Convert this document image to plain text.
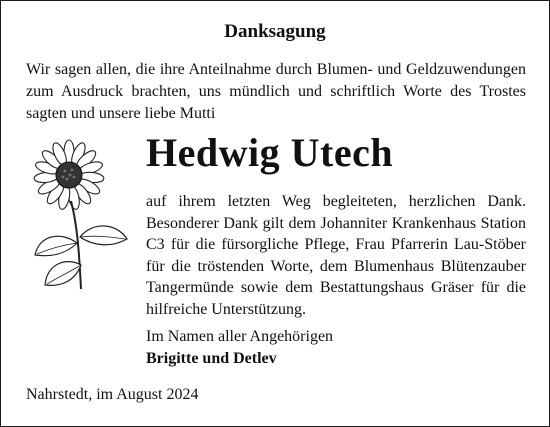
Danksagung
Wir sagen allen, die ihre Anteilnahme durch Blumen- und Geldzuwendungen zum Ausdruck brachten, uns mündlich und schriftlich Worte des Trostes sagten und unsere liebe Mutti
Hedwig Utech
auf ihrem letzten Weg begleiteten, herzlichen Dank. Besonderer Dank gilt dem Johanniter Krankenhaus Station C3 für die fürsorgliche Pflege, Frau Pfarrerin Lau-Stöber für die tröstenden Worte, dem Blumenhaus Blütenzauber Tangermünde sowie dem Bestattungshaus Gräser für die hilfreiche Unterstützung.
Im Namen aller Angehörigen
Brigitte und Detlev
Nahrstedt, im August 2024
